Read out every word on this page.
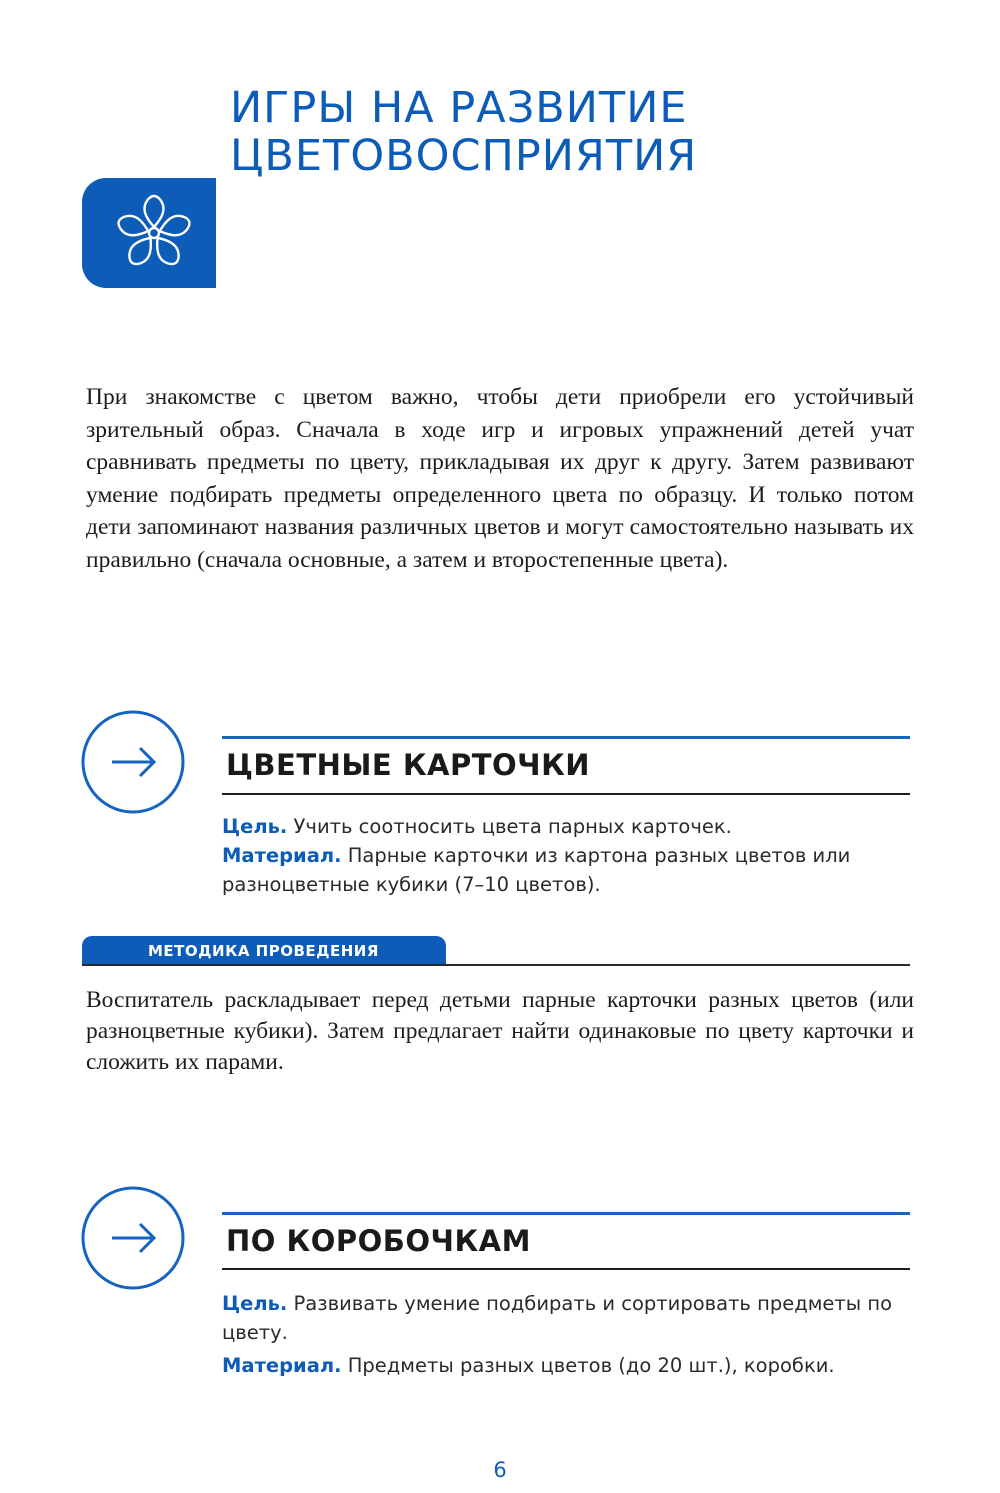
ИГРЫ НА РАЗВИТИЕ
ЦВЕТОВОСПРИЯТИЯ

При знакомстве с цветом важно, чтобы дети приобрели его устойчивый зрительный образ. Сначала в ходе игр и игровых упражнений детей учат сравнивать предметы по цвету, прикладывая их друг к другу. Затем развивают умение подбирать предметы определенного цвета по образцу. И только потом дети запоминают названия различных цветов и могут самостоятельно называть их правильно (сначала основные, а затем и второстепенные цвета).

ЦВЕТНЫЕ КАРТОЧКИ

Цель. Учить соотносить цвета парных карточек.

Материал. Парные карточки из картона разных цветов или разноцветные кубики (7–10 цветов).

МЕТОДИКА ПРОВЕДЕНИЯ

Воспитатель раскладывает перед детьми парные карточки разных цветов (или разноцветные кубики). Затем предлагает найти одинаковые по цвету карточки и сложить их парами.

ПО КОРОБОЧКАМ

Цель. Развивать умение подбирать и сортировать предметы по цвету.

Материал. Предметы разных цветов (до 20 шт.), коробки.

6
